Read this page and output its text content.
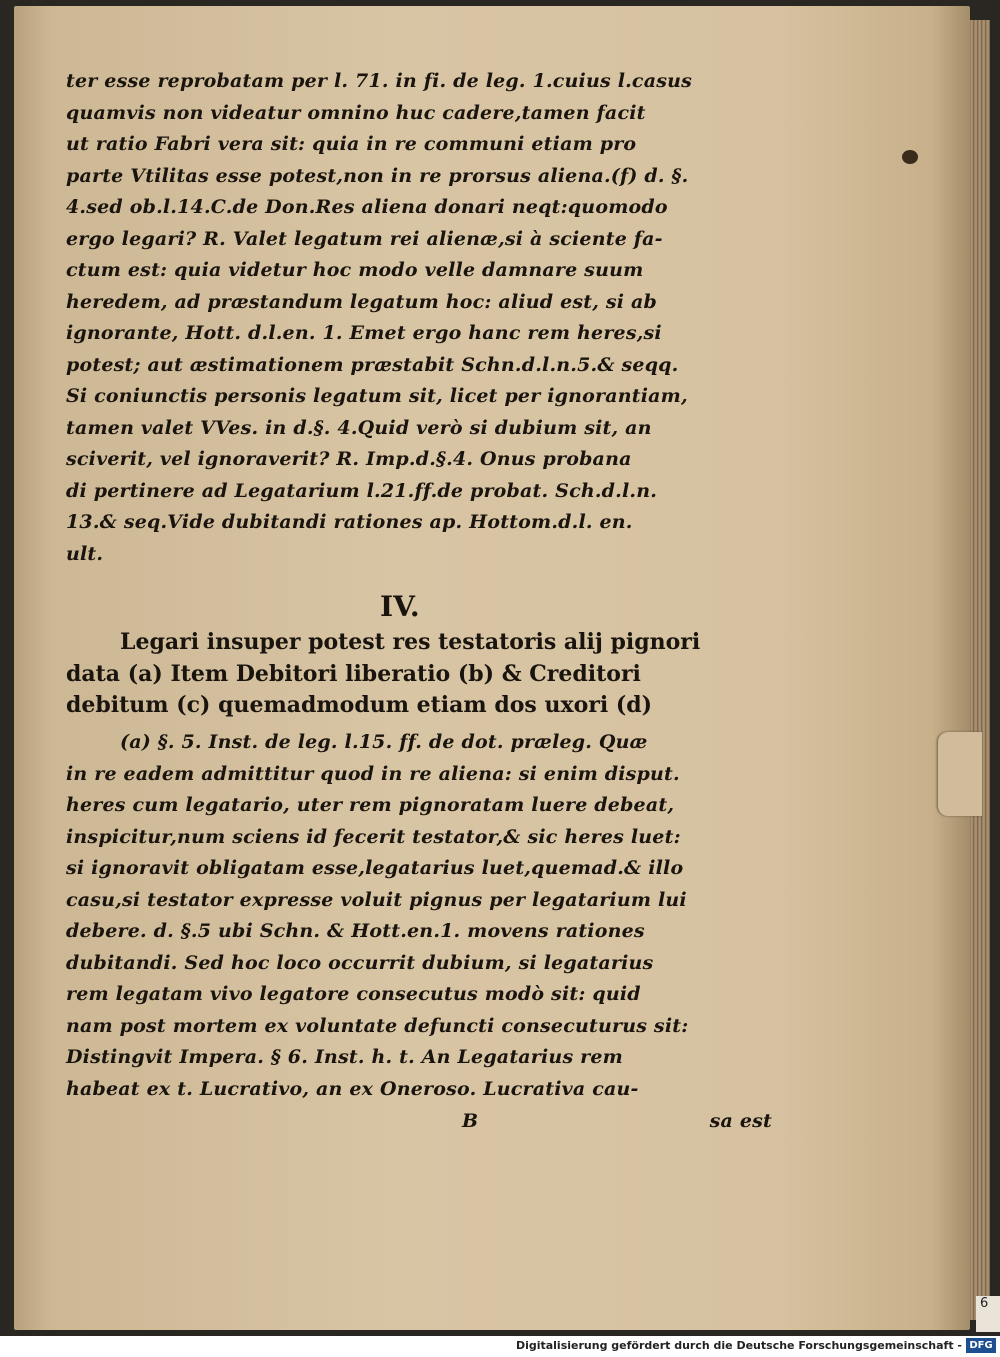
6
ter esse reprobatam per l. 71. in fi. de leg. 1.cuius l.casus
quamvis non videatur omnino huc cadere,tamen facit
ut ratio Fabri vera sit: quia in re communi etiam pro
parte Vtilitas esse potest,non in re prorsus aliena.(f) d. §.
4.sed ob.l.14.C.de Don.Res aliena donari neqt:quomodo
ergo legari? R. Valet legatum rei alienæ,si à sciente fa-
ctum est: quia videtur hoc modo velle damnare suum
heredem, ad præstandum legatum hoc: aliud est, si ab
ignorante, Hott. d.l.en. 1. Emet ergo hanc rem heres,si
potest; aut æstimationem præstabit Schn.d.l.n.5.& seqq.
Si coniunctis personis legatum sit, licet per ignorantiam,
tamen valet VVes. in d.§. 4.Quid verò si dubium sit, an
sciverit, vel ignoraverit? R. Imp.d.§.4. Onus probana
di pertinere ad Legatarium l.21.ff.de probat. Sch.d.l.n.
13.& seq.Vide dubitandi rationes ap. Hottom.d.l. en.
ult.
IV.
Legari insuper potest res testatoris alij pignori
data (a) Item Debitori liberatio (b) & Creditori
debitum (c) quemadmodum etiam dos uxori (d)
(a) §. 5. Inst. de leg. l.15. ff. de dot. præleg. Quæ
in re eadem admittitur quod in re aliena: si enim disput.
heres cum legatario, uter rem pignoratam luere debeat,
inspicitur,num sciens id fecerit testator,& sic heres luet:
si ignoravit obligatam esse,legatarius luet,quemad.& illo
casu,si testator expresse voluit pignus per legatarium lui
debere. d. §.5 ubi Schn. & Hott.en.1. movens rationes
dubitandi. Sed hoc loco occurrit dubium, si legatarius
rem legatam vivo legatore consecutus modò sit: quid
nam post mortem ex voluntate defuncti consecuturus sit:
Distingvit Impera. § 6. Inst. h. t. An Legatarius rem
habeat ex t. Lucrativo, an ex Oneroso. Lucrativa cau-
B	sa est
Digitalisierung gefördert durch die Deutsche Forschungsgemeinschaft - DFG
